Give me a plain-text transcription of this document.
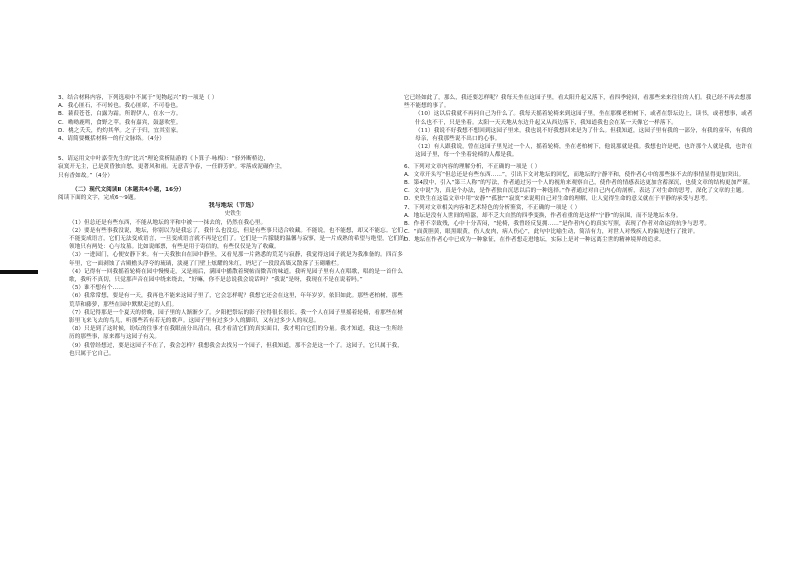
3、结合材料内容，下列选项中不属于“见物起兴”的一项是（ ）
A．我心匪石，不可转也。我心匪席，不可卷也。
B．蒹葭苍苍，白露为霜。所谓伊人，在水一方。
C．呦呦鹿鸣，食野之苹。我有嘉宾，鼓瑟吹笙。
D．桃之夭夭，灼灼其华。之子于归，宜其室家。
4、请简要概括材料一的行文脉络。（4分）
5、请运用文中叶嘉莹先生的“比兴”理论赏析陆游的《卜算子·咏梅》：“驿外断桥边，
寂寞开无主，已是黄昏独自愁，更著风和雨。无意苦争春，一任群芳妒。零落成泥碾作尘，
只有香如故。”（4分）
（二）现代文阅读Ⅱ（本题共4小题，16分）
阅读下面的文字，完成6～9题。
我与地坛（节选）
史铁生
（1）但总还是有些东西，不能从地坛的平和中被一一抹去的，仍然在我心里。
（2）要是有些事我没说，地坛，你别以为是我忘了，我什么也没忘，但是有些事只适合收藏。不能说，也不能想，却又不能忘。它们不能变成语言，它们无法变成语言，一旦变成语言就不再是它们了。它们是一片朦胧的温馨与寂寥，是一片成熟的希望与绝望，它们的领地只有两处：心与坟墓。比如说邮票，有些是用于寄信的，有些仅仅是为了收藏。
（3）一进园门，心便安静下来。有一天我独自在园中静坐，又看见那一片熟悉的荒芜与寂静，我觉得这园子就是为我准备的。四百多年里，它一面剥蚀了古殿檐头浮夸的琉璃，淡褪了门壁上炫耀的朱红，坍圮了一段段高墙又散落了玉砌雕栏。
（4）记得有一回我摇着轮椅在园中慢慢走，又是雨后，满园中播散着熨帖而微苦的味道。我听见园子里有人在唱歌，唱的是一首什么歌，我听不真切，只觉那声音在园中绕来绕去，“好嘛，你不是总说我会说话吗？”我说“是呀，我现在不是在说着吗。”
（5）谁不想有个……
（6）我常常想，要是有一天，我再也不能来这园子里了，它会怎样呢？我想它还会在这里，年年岁岁，依旧如此。那些老柏树，那些荒草和藤萝，那些在园中默默走过的人们。
（7）我记得那是一个夏天的傍晚，园子里的人渐渐少了。夕阳把祭坛的影子拉得很长很长。我一个人在园子里摇着轮椅，看那些在树影里飞来飞去的鸟儿，听那些若有若无的歌声。这园子里有过多少人的脚印，又有过多少人的叹息。
（8）只是到了这时候，纷纭的往事才在我眼前分出清白，我才看清它们的真实面目，我才明白它们的分量。我才知道，我这一生所经历的那些事，原来都与这园子有关。
（9）我曾经想过，要是这园子不在了，我会怎样？我想我会去找另一个园子，但我知道，那不会是这一个了。这园子，它只属于我，也只属于它自己。
它已经如此了，那么，我还要怎样呢？我每天坐在这园子里，看太阳升起又落下，看四季轮回，看那些来来往往的人们。我已经不再去想那些不能想的事了。
（10）这以后我就不再问自己为什么了。我每天摇着轮椅来到这园子里，坐在那棵老柏树下，或者在祭坛边上，读书，或者想事，或者什么也不干，只是坐着。太阳一天天地从东边升起又从西边落下，我知道我也会在某一天像它一样落下。
（11）我说不好我想不想回到这园子里来，我也说不好我想回来是为了什么。但我知道，这园子里有我的一部分，有我的童年，有我的母亲，有我那些说不出口的心事。
（12）有人跟我说，曾在这园子里见过一个人，摇着轮椅，坐在老柏树下，他说那就是我。我想也许是吧，也许那个人就是我，也许在这园子里，每一个坐着轮椅的人都是我。
6、下列对文章内容的理解分析，不正确的一项是（ ）
A．文章开头写“但总还是有些东西……”，引出下文对地坛的回忆，而地坛的宁静平和，使作者心中的那些抹不去的事情显得更加突出。
B．第4段中，引入“第三人称”的写法，作者通过另一个人的视角来观察自己，使作者的情感表达更加含蓄深沉，也使文章的结构更加严谨。
C．文中说“为，真是个办法，是作者独自沉思以后的一种选择。”作者通过对自己内心的剖析，表达了对生命的思考，深化了文章的主题。
D．史铁生在这篇文章中用“安静”“孤独”“寂寞”来说明自己对生命的理解，让人觉得生命的意义就在于平静的承受与思考。
7、下列对文章相关内容和艺术特色的分析鉴赏，不正确的一项是（ ）
A．地坛是没有人世间的喧嚣，却不乏大自然的四季变换，作者看重的是这样“宁静”的氛围，而不是地坛本身。
B．作者不幸致残，心中十分苦闷，“轮椅，我曾经反复拥……”是作者内心的真实写照，表现了作者对命运的抗争与思考。
C．“面黄胆黄，眼黑眼黄，伤人皮肉，病人伤心”，此句中比喻生动，简洁有力，对世人对残疾人的偏见进行了批评。
D．地坛在作者心中已成为一种象征，在作者想走进地坛，实际上是对一种远离尘世的精神境界的追求。
